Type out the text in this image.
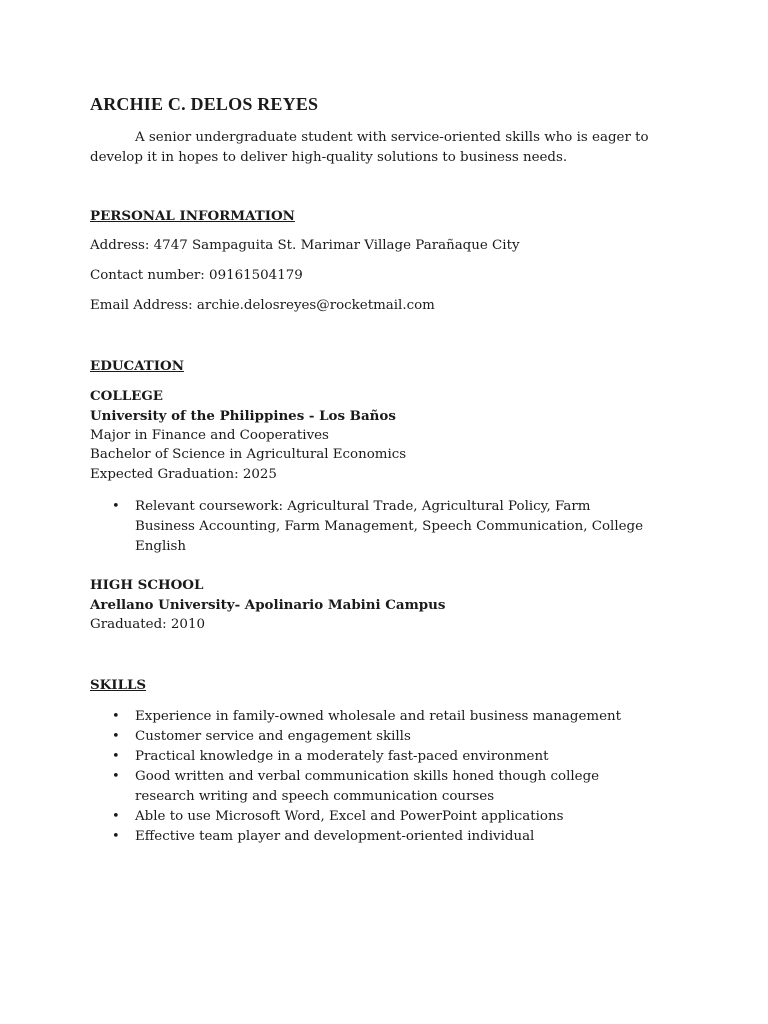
ARCHIE C. DELOS REYES
A senior undergraduate student with service-oriented skills who is eager to develop it in hopes to deliver high-quality solutions to business needs.
PERSONAL INFORMATION
Address: 4747 Sampaguita St. Marimar Village Parañaque City
Contact number: 09161504179
Email Address: archie.delosreyes@rocketmail.com
EDUCATION
COLLEGE
University of the Philippines - Los Baños
Major in Finance and Cooperatives
Bachelor of Science in Agricultural Economics
Expected Graduation: 2025
• Relevant coursework: Agricultural Trade, Agricultural Policy, Farm Business Accounting, Farm Management, Speech Communication, College English
HIGH SCHOOL
Arellano University- Apolinario Mabini Campus
Graduated: 2010
SKILLS
• Experience in family-owned wholesale and retail business management
• Customer service and engagement skills
• Practical knowledge in a moderately fast-paced environment
• Good written and verbal communication skills honed though college research writing and speech communication courses
• Able to use Microsoft Word, Excel and PowerPoint applications
• Effective team player and development-oriented individual
